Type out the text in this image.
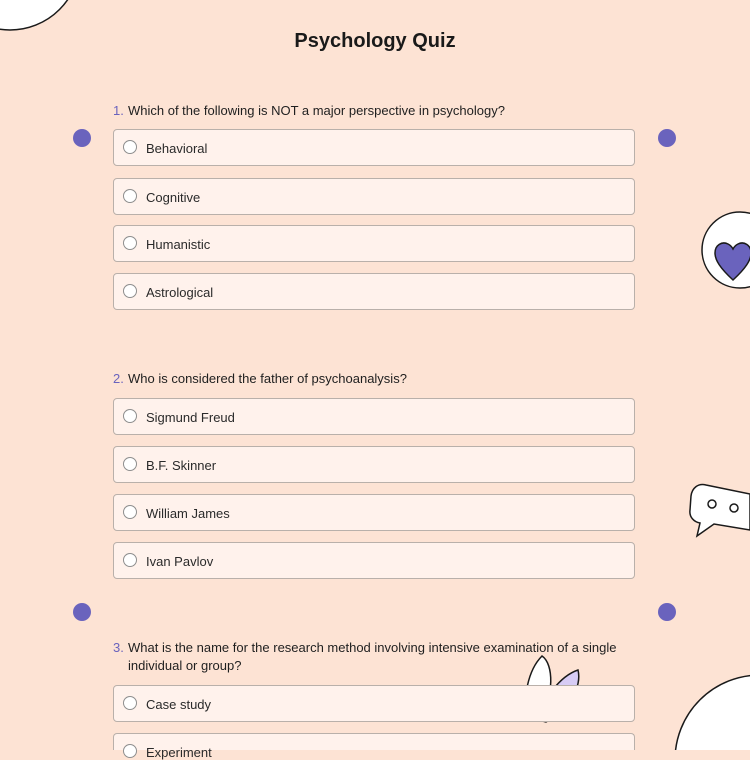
Psychology Quiz
1. Which of the following is NOT a major perspective in psychology?
Behavioral
Cognitive
Humanistic
Astrological
2. Who is considered the father of psychoanalysis?
Sigmund Freud
B.F. Skinner
William James
Ivan Pavlov
3. What is the name for the research method involving intensive examination of a single individual or group?
Case study
Experiment
